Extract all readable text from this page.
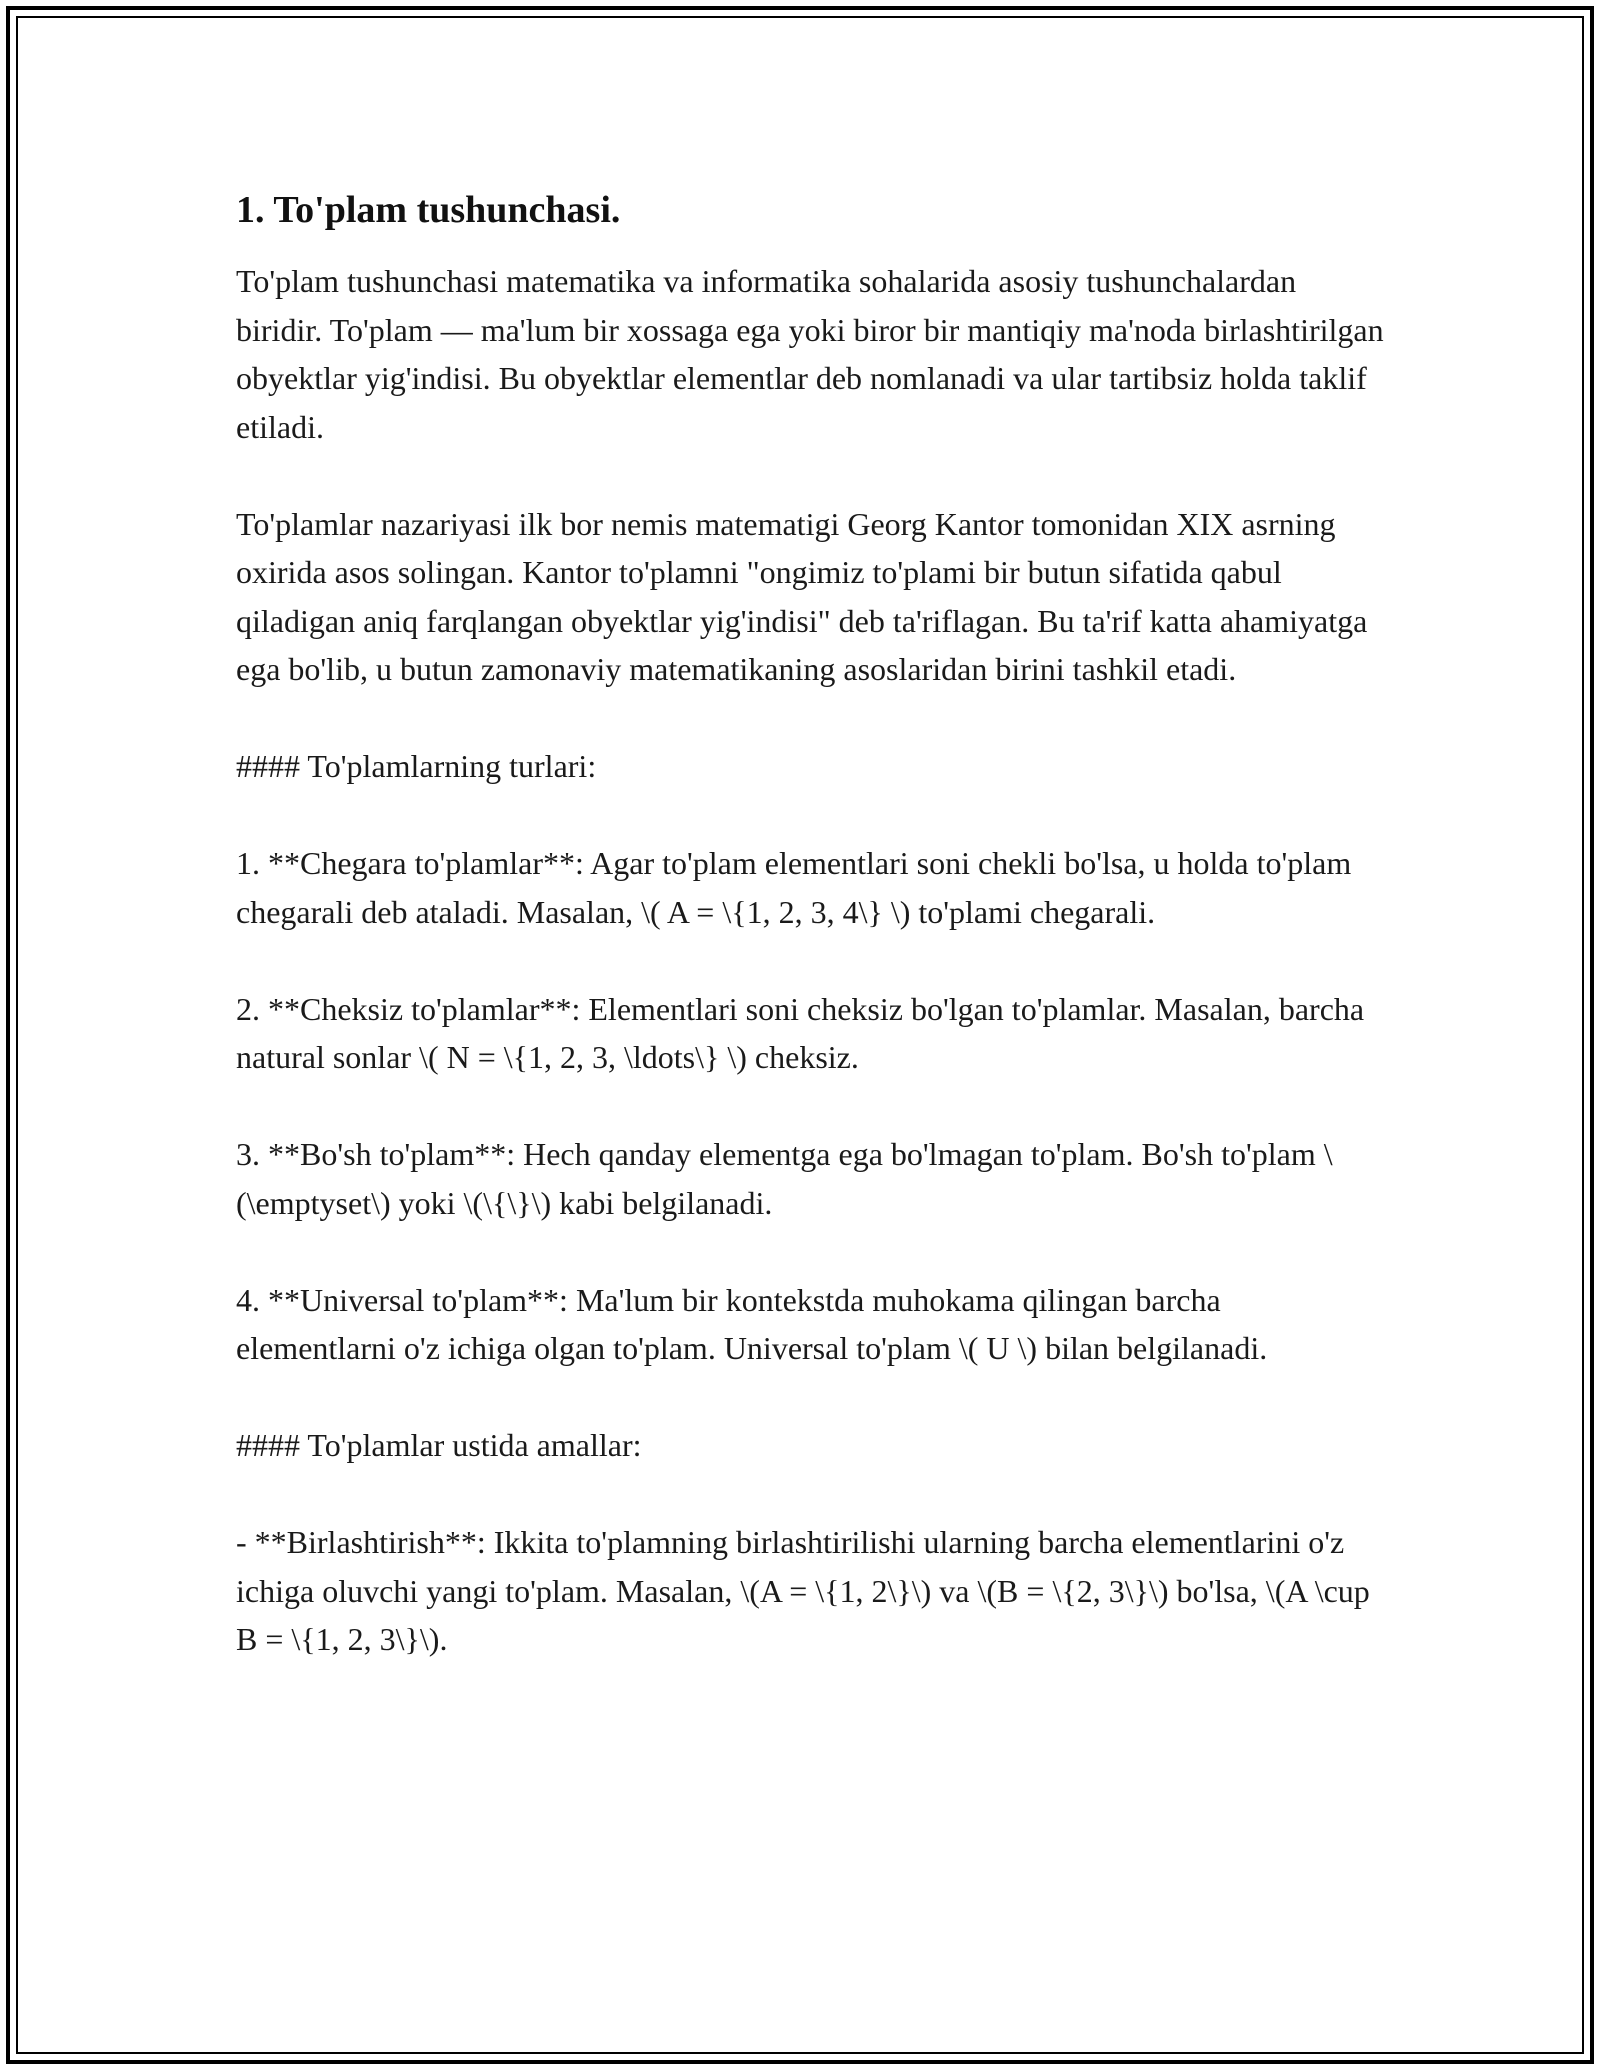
1. To'plam tushunchasi.

To'plam tushunchasi matematika va informatika sohalarida asosiy tushunchalardan biridir. To'plam — ma'lum bir xossaga ega yoki biror bir mantiqiy ma'noda birlashtirilgan obyektlar yig'indisi. Bu obyektlar elementlar deb nomlanadi va ular tartibsiz holda taklif etiladi.

To'plamlar nazariyasi ilk bor nemis matematigi Georg Kantor tomonidan XIX asrning oxirida asos solingan. Kantor to'plamni "ongimiz to'plami bir butun sifatida qabul qiladigan aniq farqlangan obyektlar yig'indisi" deb ta'riflagan. Bu ta'rif katta ahamiyatga ega bo'lib, u butun zamonaviy matematikaning asoslaridan birini tashkil etadi.

#### To'plamlarning turlari:

1. **Chegara to'plamlar**: Agar to'plam elementlari soni chekli bo'lsa, u holda to'plam chegarali deb ataladi. Masalan, \( A = \{1, 2, 3, 4\} \) to'plami chegarali.

2. **Cheksiz to'plamlar**: Elementlari soni cheksiz bo'lgan to'plamlar. Masalan, barcha natural sonlar \( N = \{1, 2, 3, \ldots\} \) cheksiz.

3. **Bo'sh to'plam**: Hech qanday elementga ega bo'lmagan to'plam. Bo'sh to'plam \(\emptyset\) yoki \(\{\}\) kabi belgilanadi.

4. **Universal to'plam**: Ma'lum bir kontekstda muhokama qilingan barcha elementlarni o'z ichiga olgan to'plam. Universal to'plam \( U \) bilan belgilanadi.

#### To'plamlar ustida amallar:

- **Birlashtirish**: Ikkita to'plamning birlashtirilishi ularning barcha elementlarini o'z ichiga oluvchi yangi to'plam. Masalan, \(A = \{1, 2\}\) va \(B = \{2, 3\}\) bo'lsa, \(A \cup B = \{1, 2, 3\}\).
